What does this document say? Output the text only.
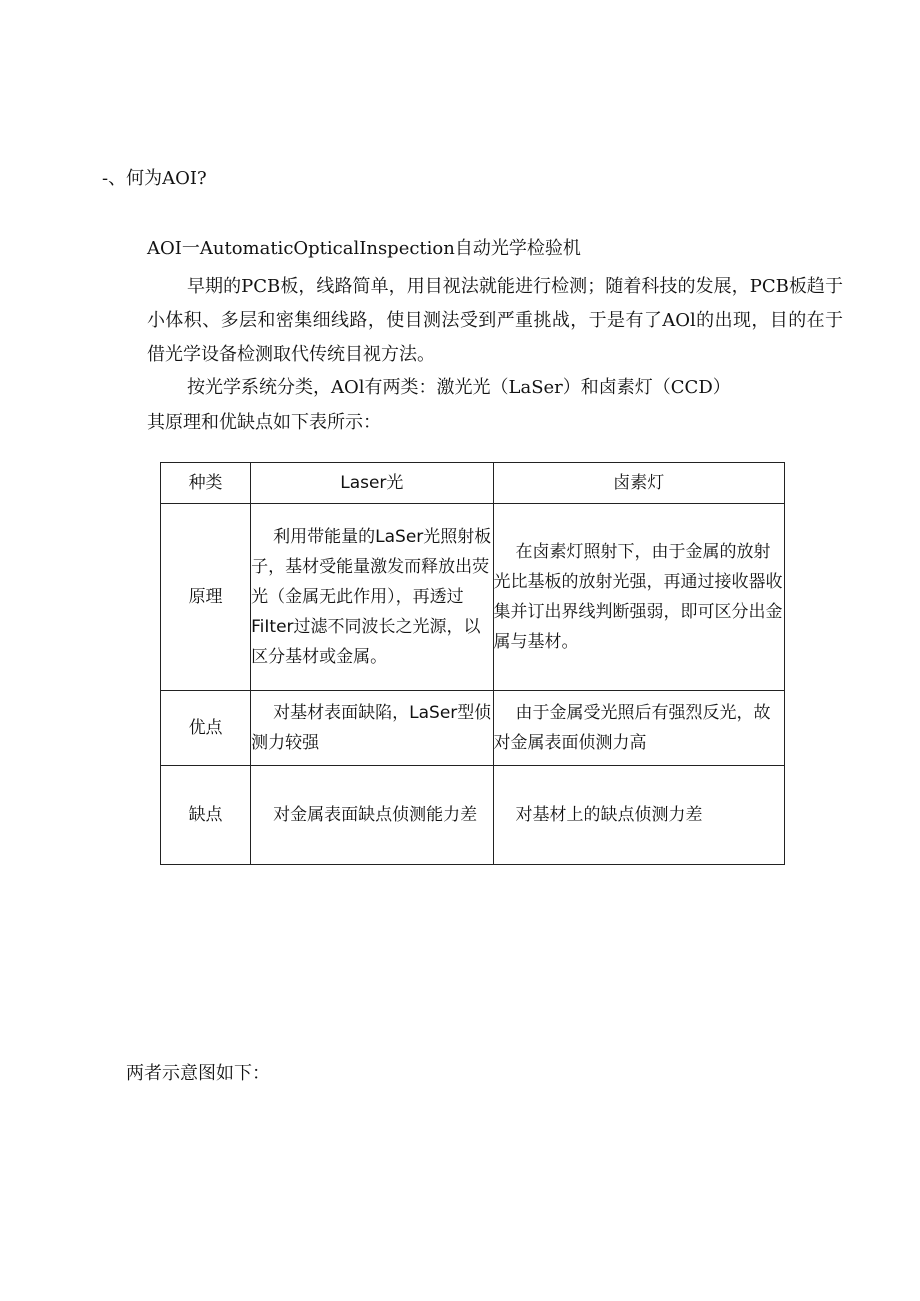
-、何为AOI?
AOI一AutomaticOpticalInspection自动光学检验机
早期的PCB板，线路简单，用目视法就能进行检测；随着科技的发展，PCB板趋于小体积、多层和密集细线路，使目测法受到严重挑战，于是有了AOl的出现，目的在于借光学设备检测取代传统目视方法。
按光学系统分类，AOl有两类：激光光（LaSer）和卤素灯（CCD）
其原理和优缺点如下表所示：
种类	Laser光	卤素灯
原理	利用带能量的LaSer光照射板子，基材受能量激发而释放出荧光（金属无此作用），再透过FiIter过滤不同波长之光源，以区分基材或金属。	在卤素灯照射下，由于金属的放射光比基板的放射光强，再通过接收器收集并订出界线判断强弱，即可区分出金属与基材。

优点	对基材表面缺陷，LaSer型侦测力较强	由于金属受光照后有强烈反光，故对金属表面侦测力高

缺点	对金属表面缺点侦测能力差	对基材上的缺点侦测力差
两者示意图如下：
